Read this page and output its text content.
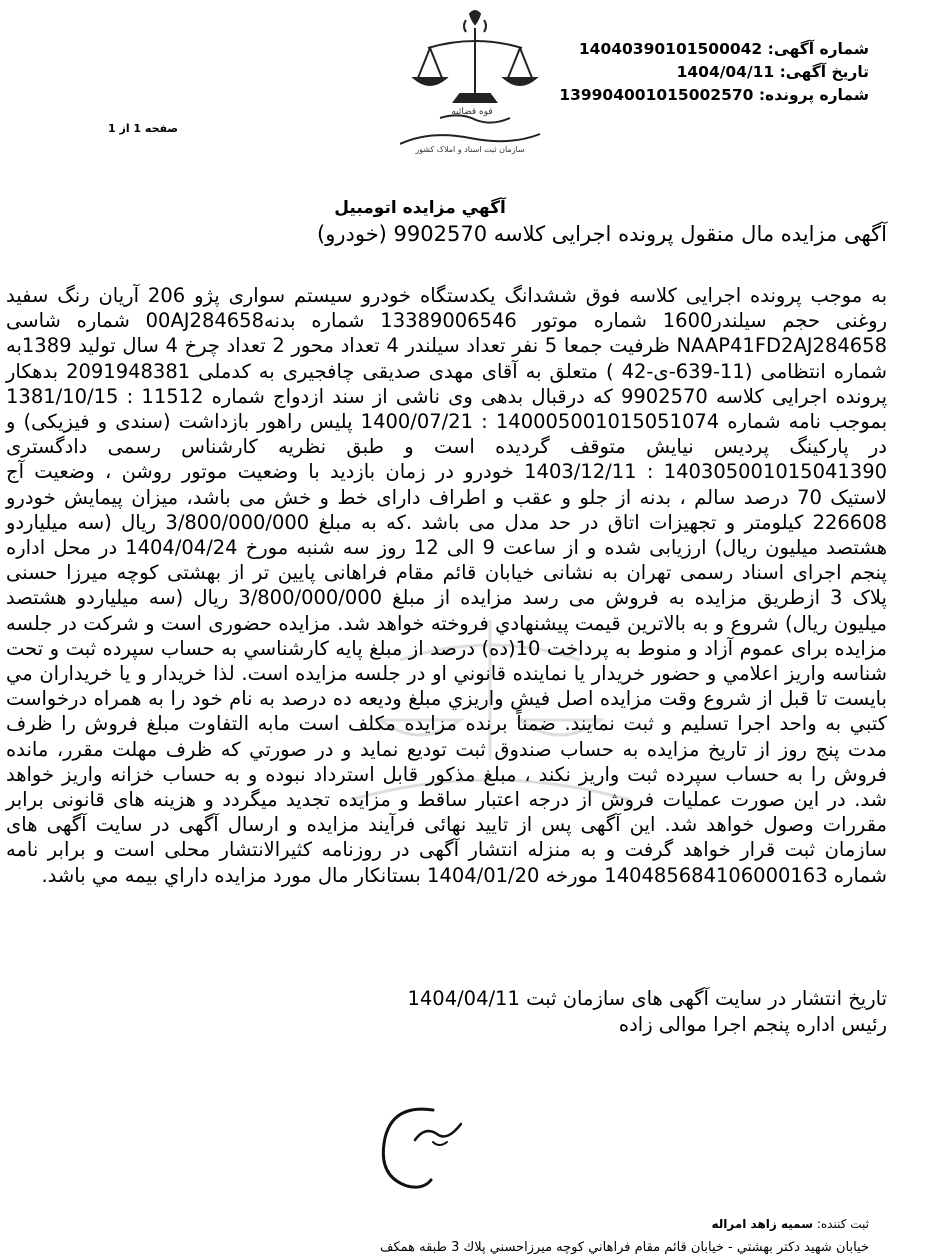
شماره آگهی: 14040390101500042
تاریخ آگهی: 1404/04/11
شماره پرونده: 139904001015002570
صفحه 1 از 1
قوه قضائیه
سازمان ثبت اسناد و املاک کشور
آگهي مزايده اتومبيل
آگهی مزایده مال منقول پرونده اجرایی کلاسه 9902570 (خودرو)
به موجب پرونده اجرایی کلاسه فوق ششدانگ یکدستگاه خودرو سیستم سواری پژو 206 آریان رنگ سفید روغنی حجم سیلندر1600 شماره موتور 13389006546 شماره بدنه00AJ284658 شماره شاسی NAAP41FD2AJ284658 ظرفیت جمعا 5 نفر تعداد سیلندر 4 تعداد محور 2 تعداد چرخ 4 سال تولید 1389به شماره انتظامی (11-639-ی-42 ) متعلق به آقای مهدی صدیقی چافجیری به کدملی 2091948381 بدهکار پرونده اجرایی کلاسه 9902570 که درقبال بدهی وی ناشی از سند ازدواج شماره 11512 : 1381/10/15 بموجب نامه شماره 140005001015051074 : 1400/07/21 پلیس راهور بازداشت (سندی و فیزیکی) و در پارکینگ پردیس نیایش متوقف گردیده است و طبق نظریه کارشناس رسمی دادگستری 140305001015041390 : 1403/12/11 خودرو در زمان بازدید با وضعیت موتور روشن ، وضعیت آج لاستیک 70 درصد سالم ، بدنه از جلو و عقب و اطراف دارای خط و خش می باشد، میزان پیمایش خودرو 226608 کیلومتر و تجهیزات اتاق در حد مدل می باشد .که به مبلغ 3/800/000/000 ریال (سه میلیاردو هشتصد میلیون ریال) ارزیابی شده و از ساعت 9 الی 12 روز سه شنبه مورخ 1404/04/24 در محل اداره پنجم اجرای اسناد رسمی تهران به نشانی خیابان قائم مقام فراهانی پایین تر از بهشتی کوچه میرزا حسنی پلاک 3 ازطریق مزایده به فروش می رسد مزایده از مبلغ 3/800/000/000 ریال (سه میلیاردو هشتصد میلیون ریال) شروع و به بالاترین قیمت پیشنهادي فروخته خواهد شد. مزایده حضوری است و شرکت در جلسه مزایده برای عموم آزاد و منوط به پرداخت 10(ده) درصد از مبلغ پایه کارشناسي به حساب سپرده ثبت و تحت شناسه واريز اعلامي و حضور خريدار يا نماينده قانوني او در جلسه مزايده است. لذا خريدار و يا خريداران مي بايست تا قبل از شروع وقت مزايده اصل فيش واريزي مبلغ وديعه ده درصد به نام خود را به همراه درخواست كتبي به واحد اجرا تسليم و ثبت نمايند. ضمناً برنده مزایده مکلف است مابه التفاوت مبلغ فروش را ظرف مدت پنج روز از تاریخ مزایده به حساب صندوق ثبت توديع نمايد و در صورتي كه ظرف مهلت مقرر، مانده فروش را به حساب سپرده ثبت واريز نكند ، مبلغ مذكور قابل استرداد نبوده و به حساب خزانه واريز خواهد شد. در این صورت عملیات فروش از درجه اعتبار ساقط و مزایده تجدید میگردد و هزینه های قانونی برابر مقررات وصول خواهد شد. این آگهی پس از تایید نهائی فرآیند مزایده و ارسال آگهی در سایت آگهی های سازمان ثبت قرار خواهد گرفت و به منزله انتشار آگهی در روزنامه کثیرالانتشار محلی است و برابر نامه شماره 140485684106000163 مورخه 1404/01/20 بستانكار مال مورد مزايده داراي بيمه مي باشد.
تاریخ انتشار در سایت آگهی های سازمان ثبت 1404/04/11
رئیس اداره پنجم اجرا موالی زاده
ثبت کننده: سمیه زاهد امراله
خيابان شهيد دكتر بهشتي - خيابان قائم مقام فراهاني كوچه ميرزاحسني پلاك 3 طبقه همكف
